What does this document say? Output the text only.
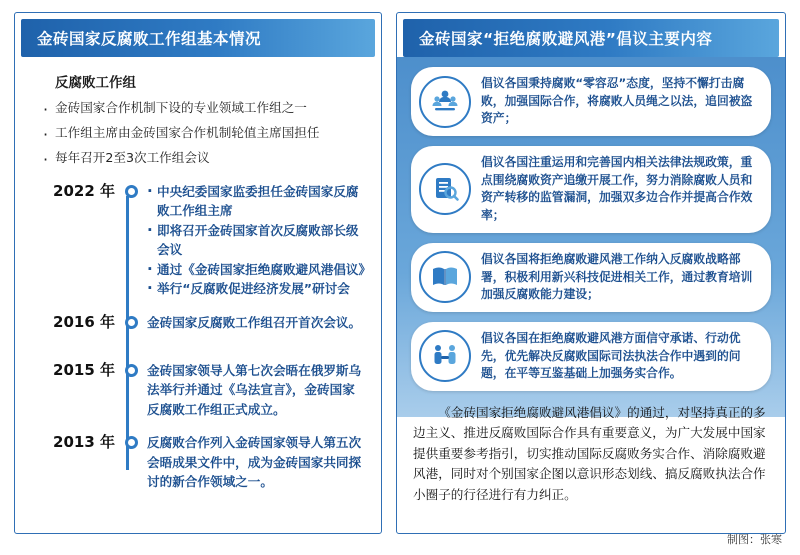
金砖国家反腐败工作组基本情况
反腐败工作组
· 金砖国家合作机制下设的专业领域工作组之一
· 工作组主席由金砖国家合作机制轮值主席国担任
· 每年召开2至3次工作组会议
2022 年	· 中央纪委国家监委担任金砖国家反腐败工作组主席
· 即将召开金砖国家首次反腐败部长级会议
· 通过《金砖国家拒绝腐败避风港倡议》
· 举行“反腐败促进经济发展”研讨会
2016 年	金砖国家反腐败工作组召开首次会议。
2015 年	金砖国家领导人第七次会晤在俄罗斯乌法举行并通过《乌法宣言》，金砖国家反腐败工作组正式成立。
2013 年	反腐败合作列入金砖国家领导人第五次会晤成果文件中，成为金砖国家共同探讨的新合作领域之一。
金砖国家“拒绝腐败避风港”倡议主要内容
倡议各国秉持腐败“零容忍”态度，坚持不懈打击腐败，加强国际合作，将腐败人员绳之以法，追回被盗资产；
倡议各国注重运用和完善国内相关法律法规政策，重点围绕腐败资产追缴开展工作，努力消除腐败人员和资产转移的监管漏洞，加强双多边合作并提高合作效率；
倡议各国将拒绝腐败避风港工作纳入反腐败战略部署，积极利用新兴科技促进相关工作，通过教育培训加强反腐败能力建设；
倡议各国在拒绝腐败避风港方面信守承诺、行动优先，优先解决反腐败国际司法执法合作中遇到的问题，在平等互鉴基础上加强务实合作。
《金砖国家拒绝腐败避风港倡议》的通过，对坚持真正的多边主义、推进反腐败国际合作具有重要意义，为广大发展中国家提供重要参考指引，切实推动国际反腐败务实合作、消除腐败避风港，同时对个别国家企图以意识形态划线、搞反腐败执法合作小圈子的行径进行有力纠正。
制图：张寒
